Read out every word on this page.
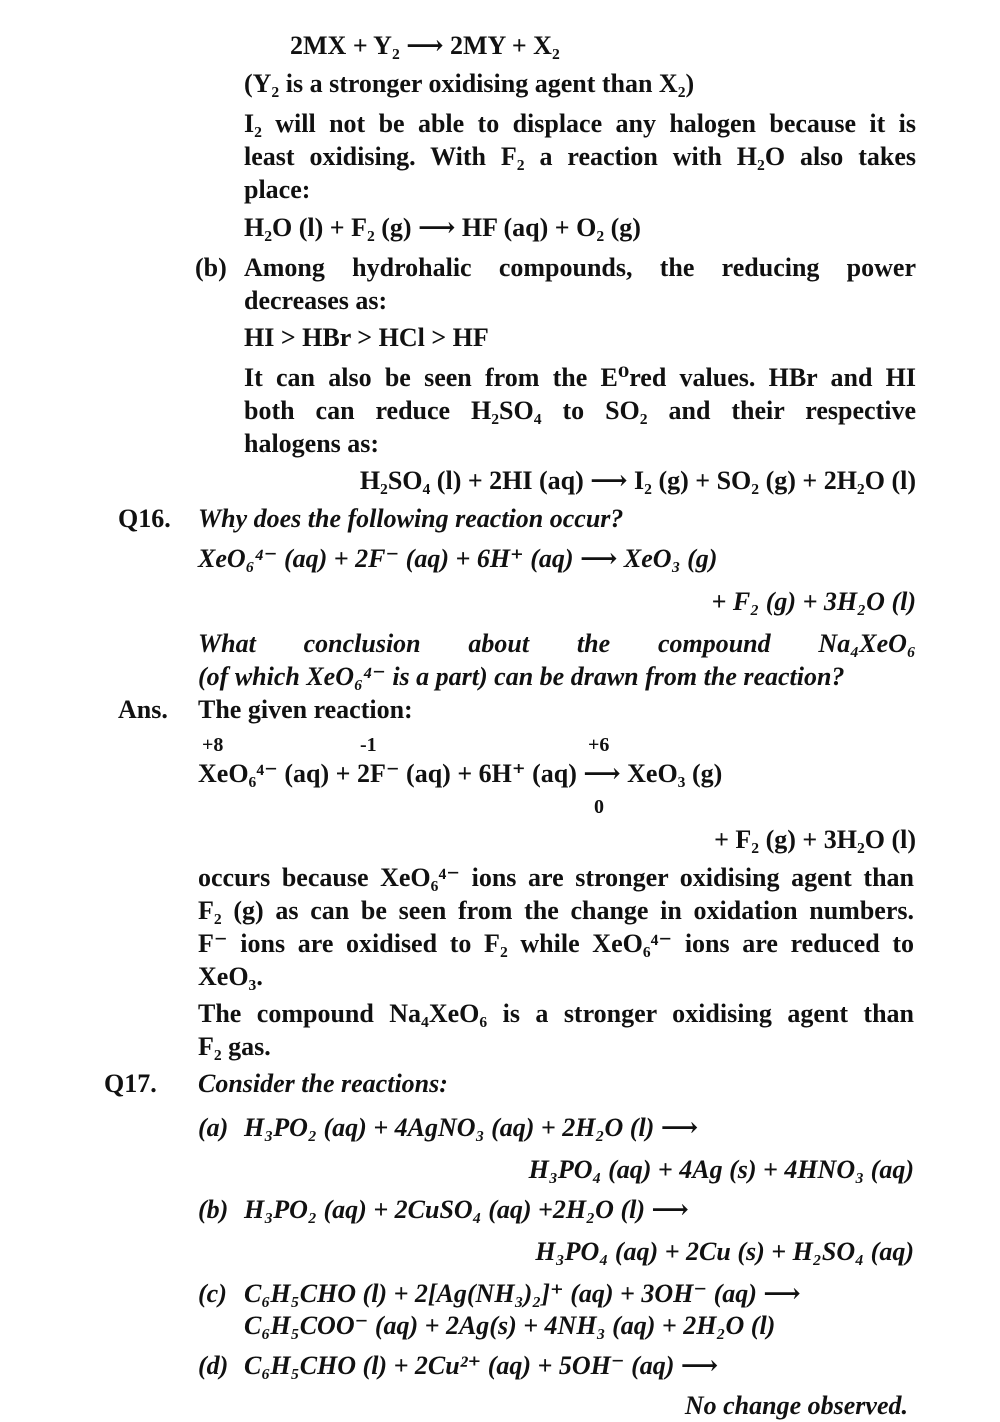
2MX + Y₂ ⟶ 2MY + X₂
(Y₂ is a stronger oxidising agent than X₂)
I₂ will not be able to displace any halogen because it is
least oxidising. With F₂ a reaction with H₂O also takes
place:
H₂O (l) + F₂ (g) ⟶ HF (aq) + O₂ (g)
(b) Among hydrohalic compounds, the reducing power
decreases as:
HI > HBr > HCl > HF
It can also be seen from the E⁰red values. HBr and HI
both can reduce H₂SO₄ to SO₂ and their respective
halogens as:
H₂SO₄ (l) + 2HI (aq) ⟶ I₂ (g) + SO₂ (g) + 2H₂O (l)
Q16. Why does the following reaction occur?
XeO₆⁴⁻ (aq) + 2F⁻ (aq) + 6H⁺ (aq) ⟶ XeO₃ (g)
+ F₂ (g) + 3H₂O (l)
What conclusion about the compound Na₄XeO₆
(of which XeO₆⁴⁻ is a part) can be drawn from the reaction?
Ans. The given reaction:
+8	-1	+6
XeO₆⁴⁻ (aq) + 2F⁻ (aq) + 6H⁺ (aq) ⟶ XeO₃ (g)
0
+ F₂ (g) + 3H₂O (l)
occurs because XeO₆⁴⁻ ions are stronger oxidising agent than
F₂ (g) as can be seen from the change in oxidation numbers.
F⁻ ions are oxidised to F₂ while XeO₆⁴⁻ ions are reduced to
XeO₃.
The compound Na₄XeO₆ is a stronger oxidising agent than
F₂ gas.
Q17. Consider the reactions:
(a) H₃PO₂ (aq) + 4AgNO₃ (aq) + 2H₂O (l) ⟶
H₃PO₄ (aq) + 4Ag (s) + 4HNO₃ (aq)
(b) H₃PO₂ (aq) + 2CuSO₄ (aq) +2H₂O (l) ⟶
H₃PO₄ (aq) + 2Cu (s) + H₂SO₄ (aq)
(c) C₆H₅CHO (l) + 2[Ag(NH₃)₂]⁺ (aq) + 3OH⁻ (aq) ⟶
C₆H₅COO⁻ (aq) + 2Ag(s) + 4NH₃ (aq) + 2H₂O (l)
(d) C₆H₅CHO (l) + 2Cu²⁺ (aq) + 5OH⁻ (aq) ⟶
No change observed.
